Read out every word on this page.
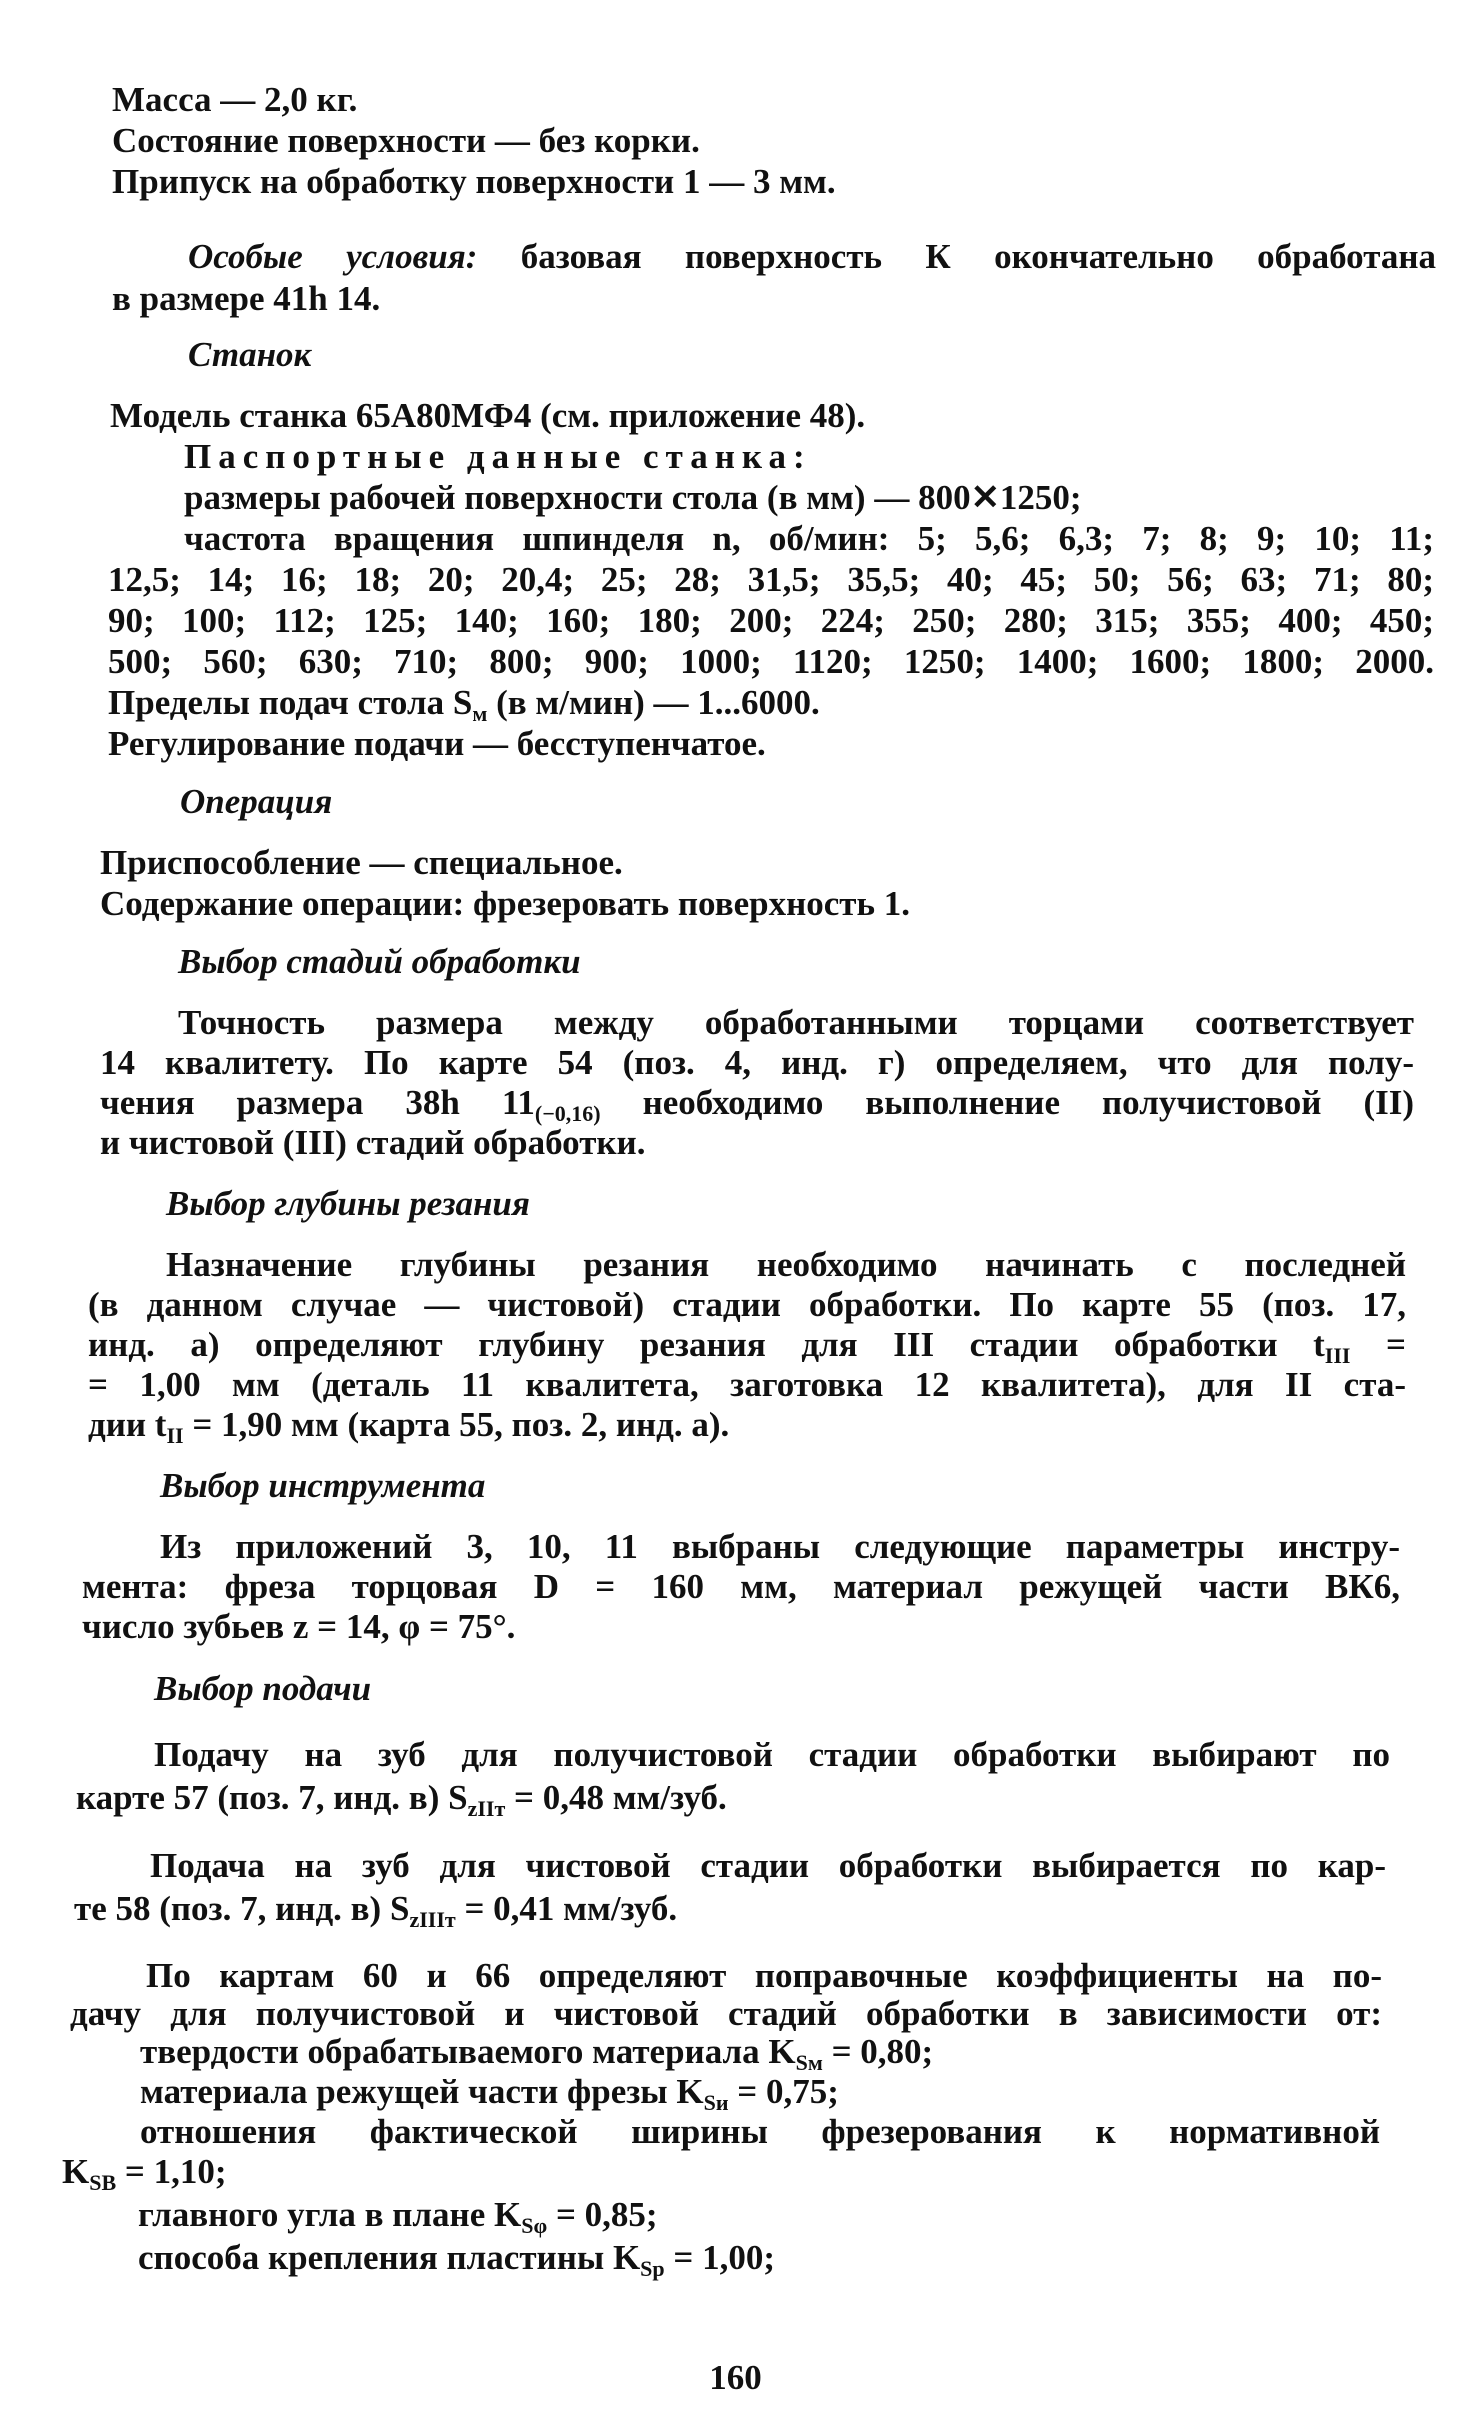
Масса — 2,0 кг.
Состояние поверхности — без корки.
Припуск на обработку поверхности 1 — 3 мм.
Особые условия: базовая поверхность К окончательно обработана
в размере 41h 14.
Станок
Модель станка 65А80МФ4 (см. приложение 48).
Паспортные данные станка:
размеры рабочей поверхности стола (в мм) — 800✕1250;
частота вращения шпинделя n, об/мин: 5; 5,6; 6,3; 7; 8; 9; 10; 11;
12,5; 14; 16; 18; 20; 20,4; 25; 28; 31,5; 35,5; 40; 45; 50; 56; 63; 71; 80;
90; 100; 112; 125; 140; 160; 180; 200; 224; 250; 280; 315; 355; 400; 450;
500; 560; 630; 710; 800; 900; 1000; 1120; 1250; 1400; 1600; 1800; 2000.
Пределы подач стола $S_м$ (в м/мин) — 1...6000.
Регулирование подачи — бесступенчатое.
Операция
Приспособление — специальное.
Содержание операции: фрезеровать поверхность 1.
Выбор стадий обработки
Точность размера между обработанными торцами соответствует
14 квалитету. По карте 54 (поз. 4, инд. г) определяем, что для полу-
чения размера 38h $11_{(-0,16)}$ необходимо выполнение получистовой (II)
и чистовой (III) стадий обработки.
Выбор глубины резания
Назначение глубины резания необходимо начинать с последней
(в данном случае — чистовой) стадии обработки. По карте 55 (поз. 17,
инд. а) определяют глубину резания для III стадии обработки $t_{III}$ =
= 1,00 мм (деталь 11 квалитета, заготовка 12 квалитета), для II ста-
дии $t_{II} = 1,90$ мм (карта 55, поз. 2, инд. а).
Выбор инструмента
Из приложений 3, 10, 11 выбраны следующие параметры инстру-
мента: фреза торцовая D = 160 мм, материал режущей части ВК6,
число зубьев z = 14, φ = 75°.
Выбор подачи
Подачу на зуб для получистовой стадии обработки выбирают по
карте 57 (поз. 7, инд. в) $S_{zIIт} = 0,48$ мм/зуб.
Подача на зуб для чистовой стадии обработки выбирается по кар-
те 58 (поз. 7, инд. в) $S_{zIIIт} = 0,41$ мм/зуб.
По картам 60 и 66 определяют поправочные коэффициенты на по-
дачу для получистовой и чистовой стадий обработки в зависимости от:
твердости обрабатываемого материала $K_{Sм} = 0,80$;
материала режущей части фрезы $K_{Sи} = 0,75$;
отношения фактической ширины фрезерования к нормативной
$K_{SB} = 1,10$;
главного угла в плане $K_{S\varphi} = 0,85$;
способа крепления пластины $K_{Sp} = 1,00$;
160
